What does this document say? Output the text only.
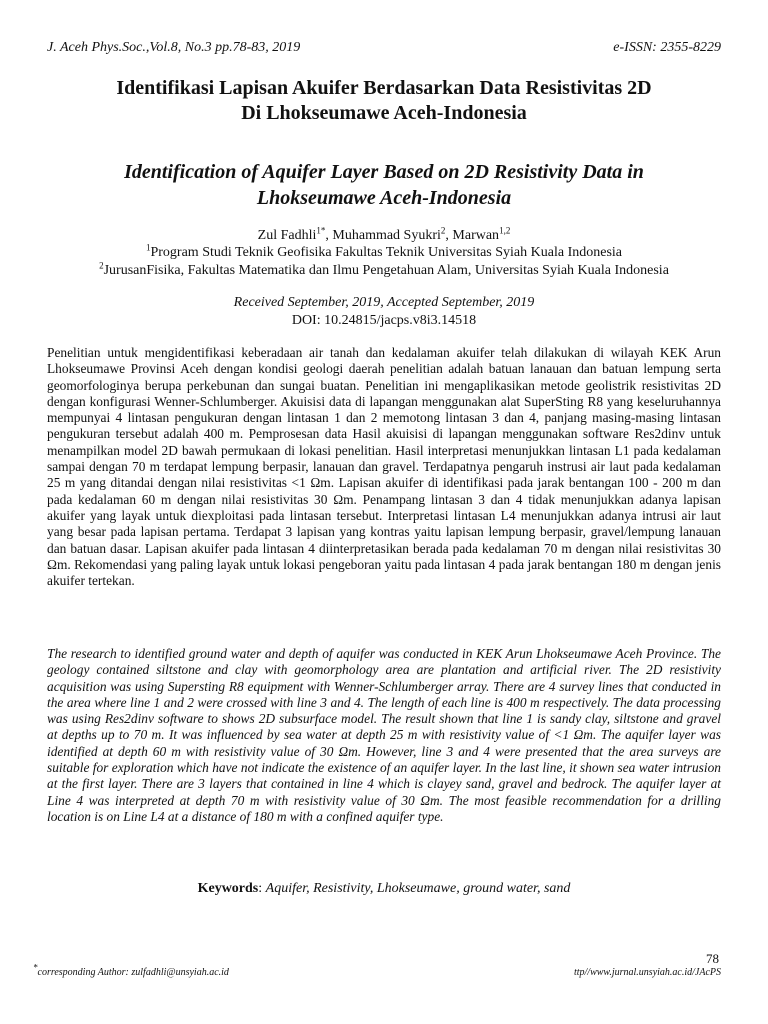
J. Aceh Phys.Soc.,Vol.8, No.3 pp.78-83, 2019	e-ISSN: 2355-8229
Identifikasi Lapisan Akuifer Berdasarkan Data Resistivitas 2D
Di Lhokseumawe Aceh-Indonesia
Identification of Aquifer Layer Based on 2D Resistivity Data in
Lhokseumawe Aceh-Indonesia
Zul Fadhli$^{1*}$, Muhammad Syukri$^2$, Marwan$^{1,2}$
$^1$Program Studi Teknik Geofisika Fakultas Teknik Universitas Syiah Kuala Indonesia
$^2$JurusanFisika, Fakultas Matematika dan Ilmu Pengetahuan Alam, Universitas Syiah Kuala Indonesia
Received September, 2019, Accepted September, 2019
DOI: 10.24815/jacps.v8i3.14518
Penelitian untuk mengidentifikasi keberadaan air tanah dan kedalaman akuifer telah dilakukan di wilayah KEK Arun Lhokseumawe Provinsi Aceh dengan kondisi geologi daerah penelitian adalah batuan lanauan dan batuan lempung serta geomorfologinya berupa perkebunan dan sungai buatan. Penelitian ini mengaplikasikan metode geolistrik resistivitas 2D dengan konfigurasi Wenner-Schlumberger. Akuisisi data di lapangan menggunakan alat SuperSting R8 yang keseluruhannya mempunyai 4 lintasan pengukuran dengan lintasan 1 dan 2 memotong lintasan 3 dan 4, panjang masing-masing lintasan pengukuran tersebut adalah 400 m. Pemprosesan data Hasil akuisisi di lapangan menggunakan software Res2dinv untuk menampilkan model 2D bawah permukaan di lokasi penelitian. Hasil interpretasi menunjukkan lintasan L1 pada kedalaman sampai dengan 70 m terdapat lempung berpasir, lanauan dan gravel. Terdapatnya pengaruh instrusi air laut pada kedalaman 25 m yang ditandai dengan nilai resistivitas <1 Ωm. Lapisan akuifer di identifikasi pada jarak bentangan 100 - 200 m dan pada kedalaman 60 m dengan nilai resistivitas 30 Ωm. Penampang lintasan 3 dan 4 tidak menunjukkan adanya lapisan akuifer yang layak untuk diexploitasi pada lintasan tersebut. Interpretasi lintasan L4 menunjukkan adanya intrusi air laut yang besar pada lapisan pertama. Terdapat 3 lapisan yang kontras yaitu lapisan lempung berpasir, gravel/lempung lanauan dan batuan dasar. Lapisan akuifer pada lintasan 4 diinterpretasikan berada pada kedalaman 70 m dengan nilai resistivitas 30 Ωm. Rekomendasi yang paling layak untuk lokasi pengeboran yaitu pada lintasan 4 pada jarak bentangan 180 m dengan jenis akuifer tertekan.
The research to identified ground water and depth of aquifer was conducted in KEK Arun Lhokseumawe Aceh Province. The geology contained siltstone and clay with geomorphology area are plantation and artificial river. The 2D resistivity acquisition was using Supersting R8 equipment with Wenner-Schlumberger array. There are 4 survey lines that conducted in the area where line 1 and 2 were crossed with line 3 and 4. The length of each line is 400 m respectively. The data processing was using Res2dinv software to shows 2D subsurface model. The result shown that line 1 is sandy clay, siltstone and gravel at depths up to 70 m. It was influenced by sea water at depth 25 m with resistivity value of <1 Ωm. The aquifer layer was identified at depth 60 m with resistivity value of 30 Ωm. However, line 3 and 4 were presented that the area surveys are suitable for exploration which have not indicate the existence of an aquifer layer. In the last line, it shown sea water intrusion at the first layer. There are 3 layers that contained in line 4 which is clayey sand, gravel and bedrock. The aquifer layer at Line 4 was interpreted at depth 70 m with resistivity value of 30 Ωm. The most feasible recommendation for a drilling location is on Line L4 at a distance of 180 m with a confined aquifer type.
Keywords: Aquifer, Resistivity, Lhokseumawe, ground water, sand
78
*corresponding Author: zulfadhli@unsyiah.ac.id	ttp//www.jurnal.unsyiah.ac.id/JAcPS
